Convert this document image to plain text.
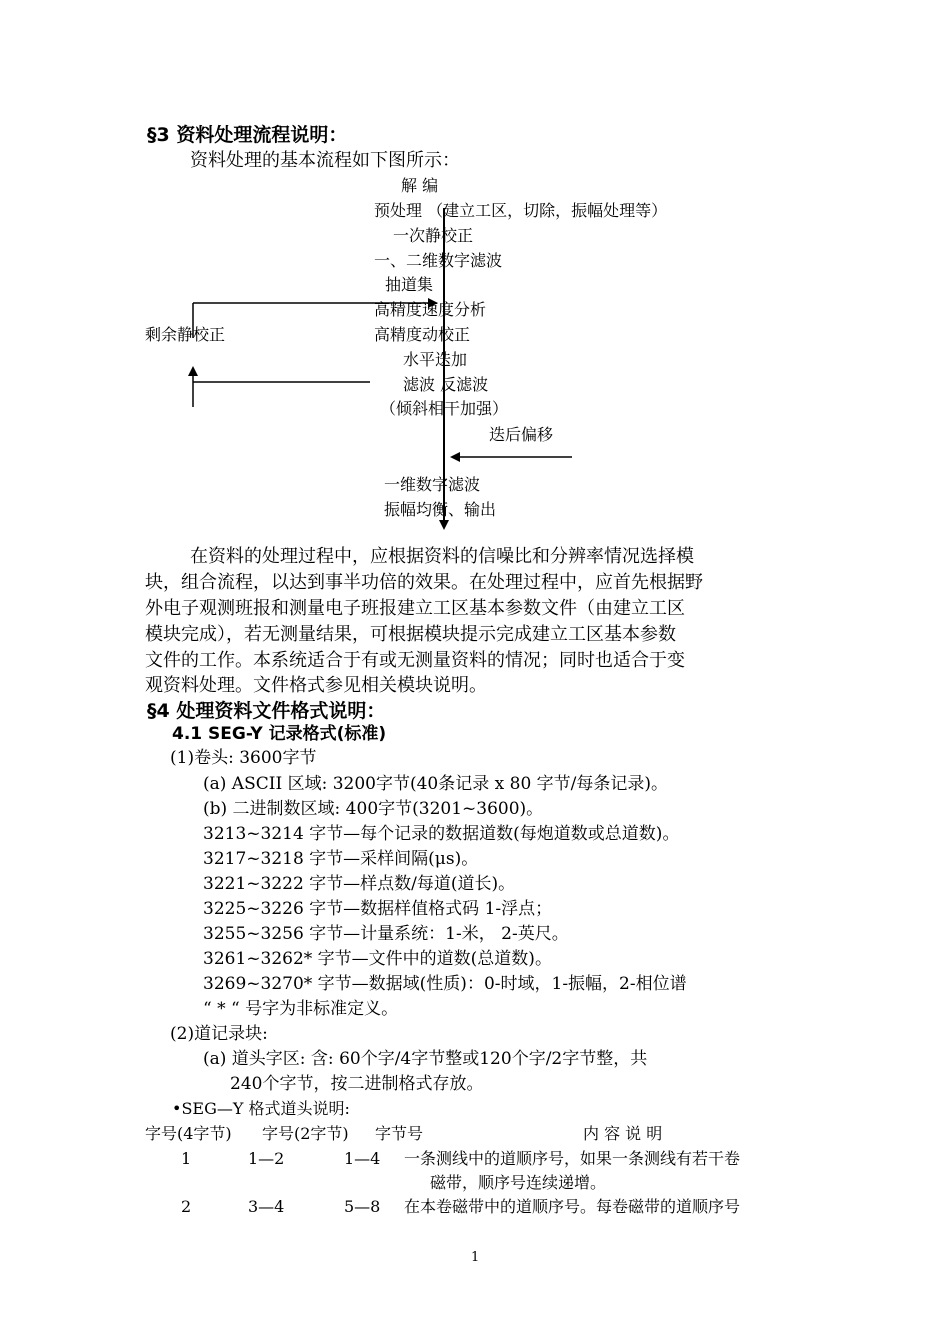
§3 资料处理流程说明：
资料处理的基本流程如下图所示：
解 编
预处理 （建立工区，切除，振幅处理等）
一次静校正
一、二维数字滤波
抽道集
高精度速度分析
高精度动校正
水平迭加
滤波 反滤波
（倾斜相干加强）
迭后偏移
一维数字滤波
振幅均衡、输出
剩余静校正
在资料的处理过程中，应根据资料的信噪比和分辨率情况选择模
块，组合流程，以达到事半功倍的效果。在处理过程中，应首先根据野
外电子观测班报和测量电子班报建立工区基本参数文件（由建立工区
模块完成），若无测量结果，可根据模块提示完成建立工区基本参数
文件的工作。本系统适合于有或无测量资料的情况；同时也适合于变
观资料处理。文件格式参见相关模块说明。
§4 处理资料文件格式说明：
4.1 SEG-Y 记录格式(标准)
(1)卷头: 3600字节
(a) ASCII 区域: 3200字节(40条记录 x 80 字节/每条记录)。
(b) 二进制数区域: 400字节(3201~3600)。
3213~3214 字节—每个记录的数据道数(每炮道数或总道数)。
3217~3218 字节—采样间隔(μs)。
3221~3222 字节—样点数/每道(道长)。
3225~3226 字节—数据样值格式码 1-浮点；
3255~3256 字节—计量系统：1-米， 2-英尺。
3261~3262* 字节—文件中的道数(总道数)。
3269~3270* 字节—数据域(性质)：0-时域，1-振幅，2-相位谱
“ * “ 号字为非标准定义。
(2)道记录块:
(a) 道头字区: 含: 60个字/4字节整或120个字/2字节整，共
240个字节，按二进制格式存放。
•SEG—Y 格式道头说明:
字号(4字节) 字号(2字节) 字节号	内 容 说 明
1	1—2	1—4 一条测线中的道顺序号，如果一条测线有若干卷
磁带，顺序号连续递增。
2	3—4	5—8 在本卷磁带中的道顺序号。每卷磁带的道顺序号
1
